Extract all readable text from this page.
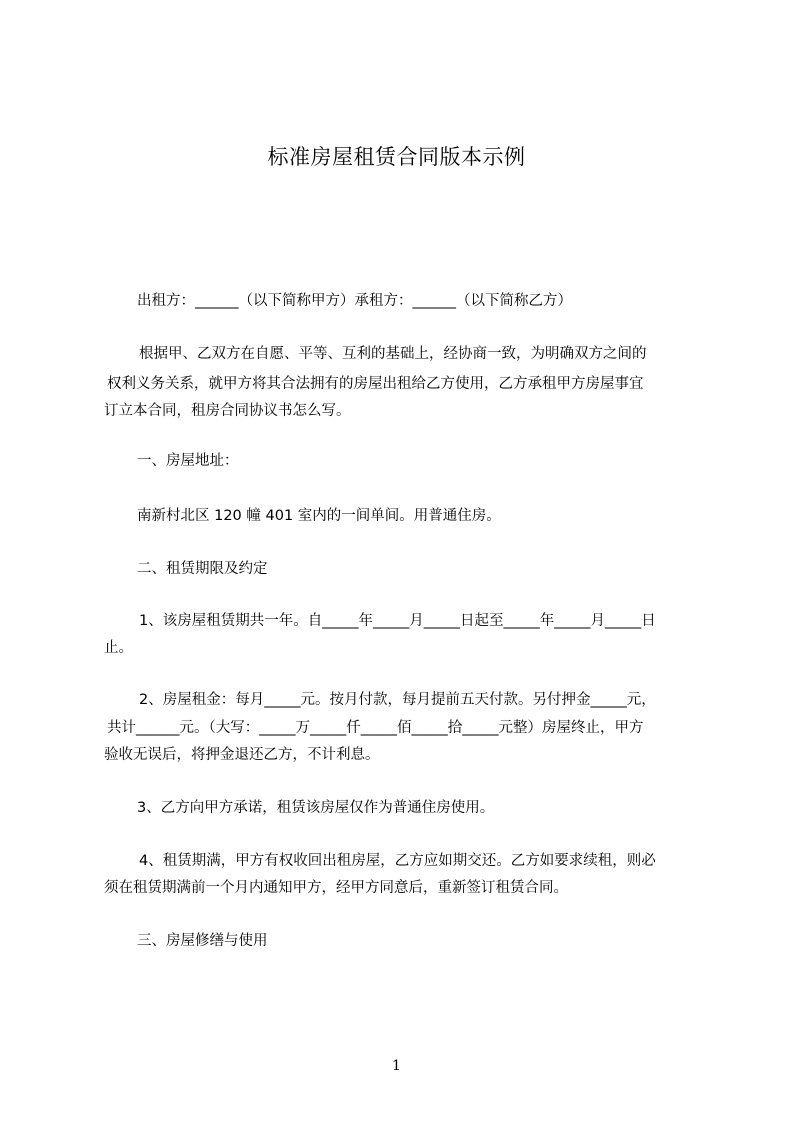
标准房屋租赁合同版本示例
出租方：______（以下简称甲方）承租方：______（以下简称乙方）
根据甲、乙双方在自愿、平等、互利的基础上，经协商一致，为明确双方之间的
权利义务关系，就甲方将其合法拥有的房屋出租给乙方使用，乙方承租甲方房屋事宜
订立本合同，租房合同协议书怎么写。
一、房屋地址：
南新村北区 120 幢 401 室内的一间单间。用普通住房。
二、租赁期限及约定
1、该房屋租赁期共一年。自_____年_____月_____日起至_____年_____月_____日
止。
2、房屋租金：每月_____元。按月付款，每月提前五天付款。另付押金_____元，
共计______元。（大写：_____万_____仟_____佰_____拾_____元整）房屋终止，甲方
验收无误后，将押金退还乙方，不计利息。
3、乙方向甲方承诺，租赁该房屋仅作为普通住房使用。
4、租赁期满，甲方有权收回出租房屋，乙方应如期交还。乙方如要求续租，则必
须在租赁期满前一个月内通知甲方，经甲方同意后，重新签订租赁合同。
三、房屋修缮与使用
1
